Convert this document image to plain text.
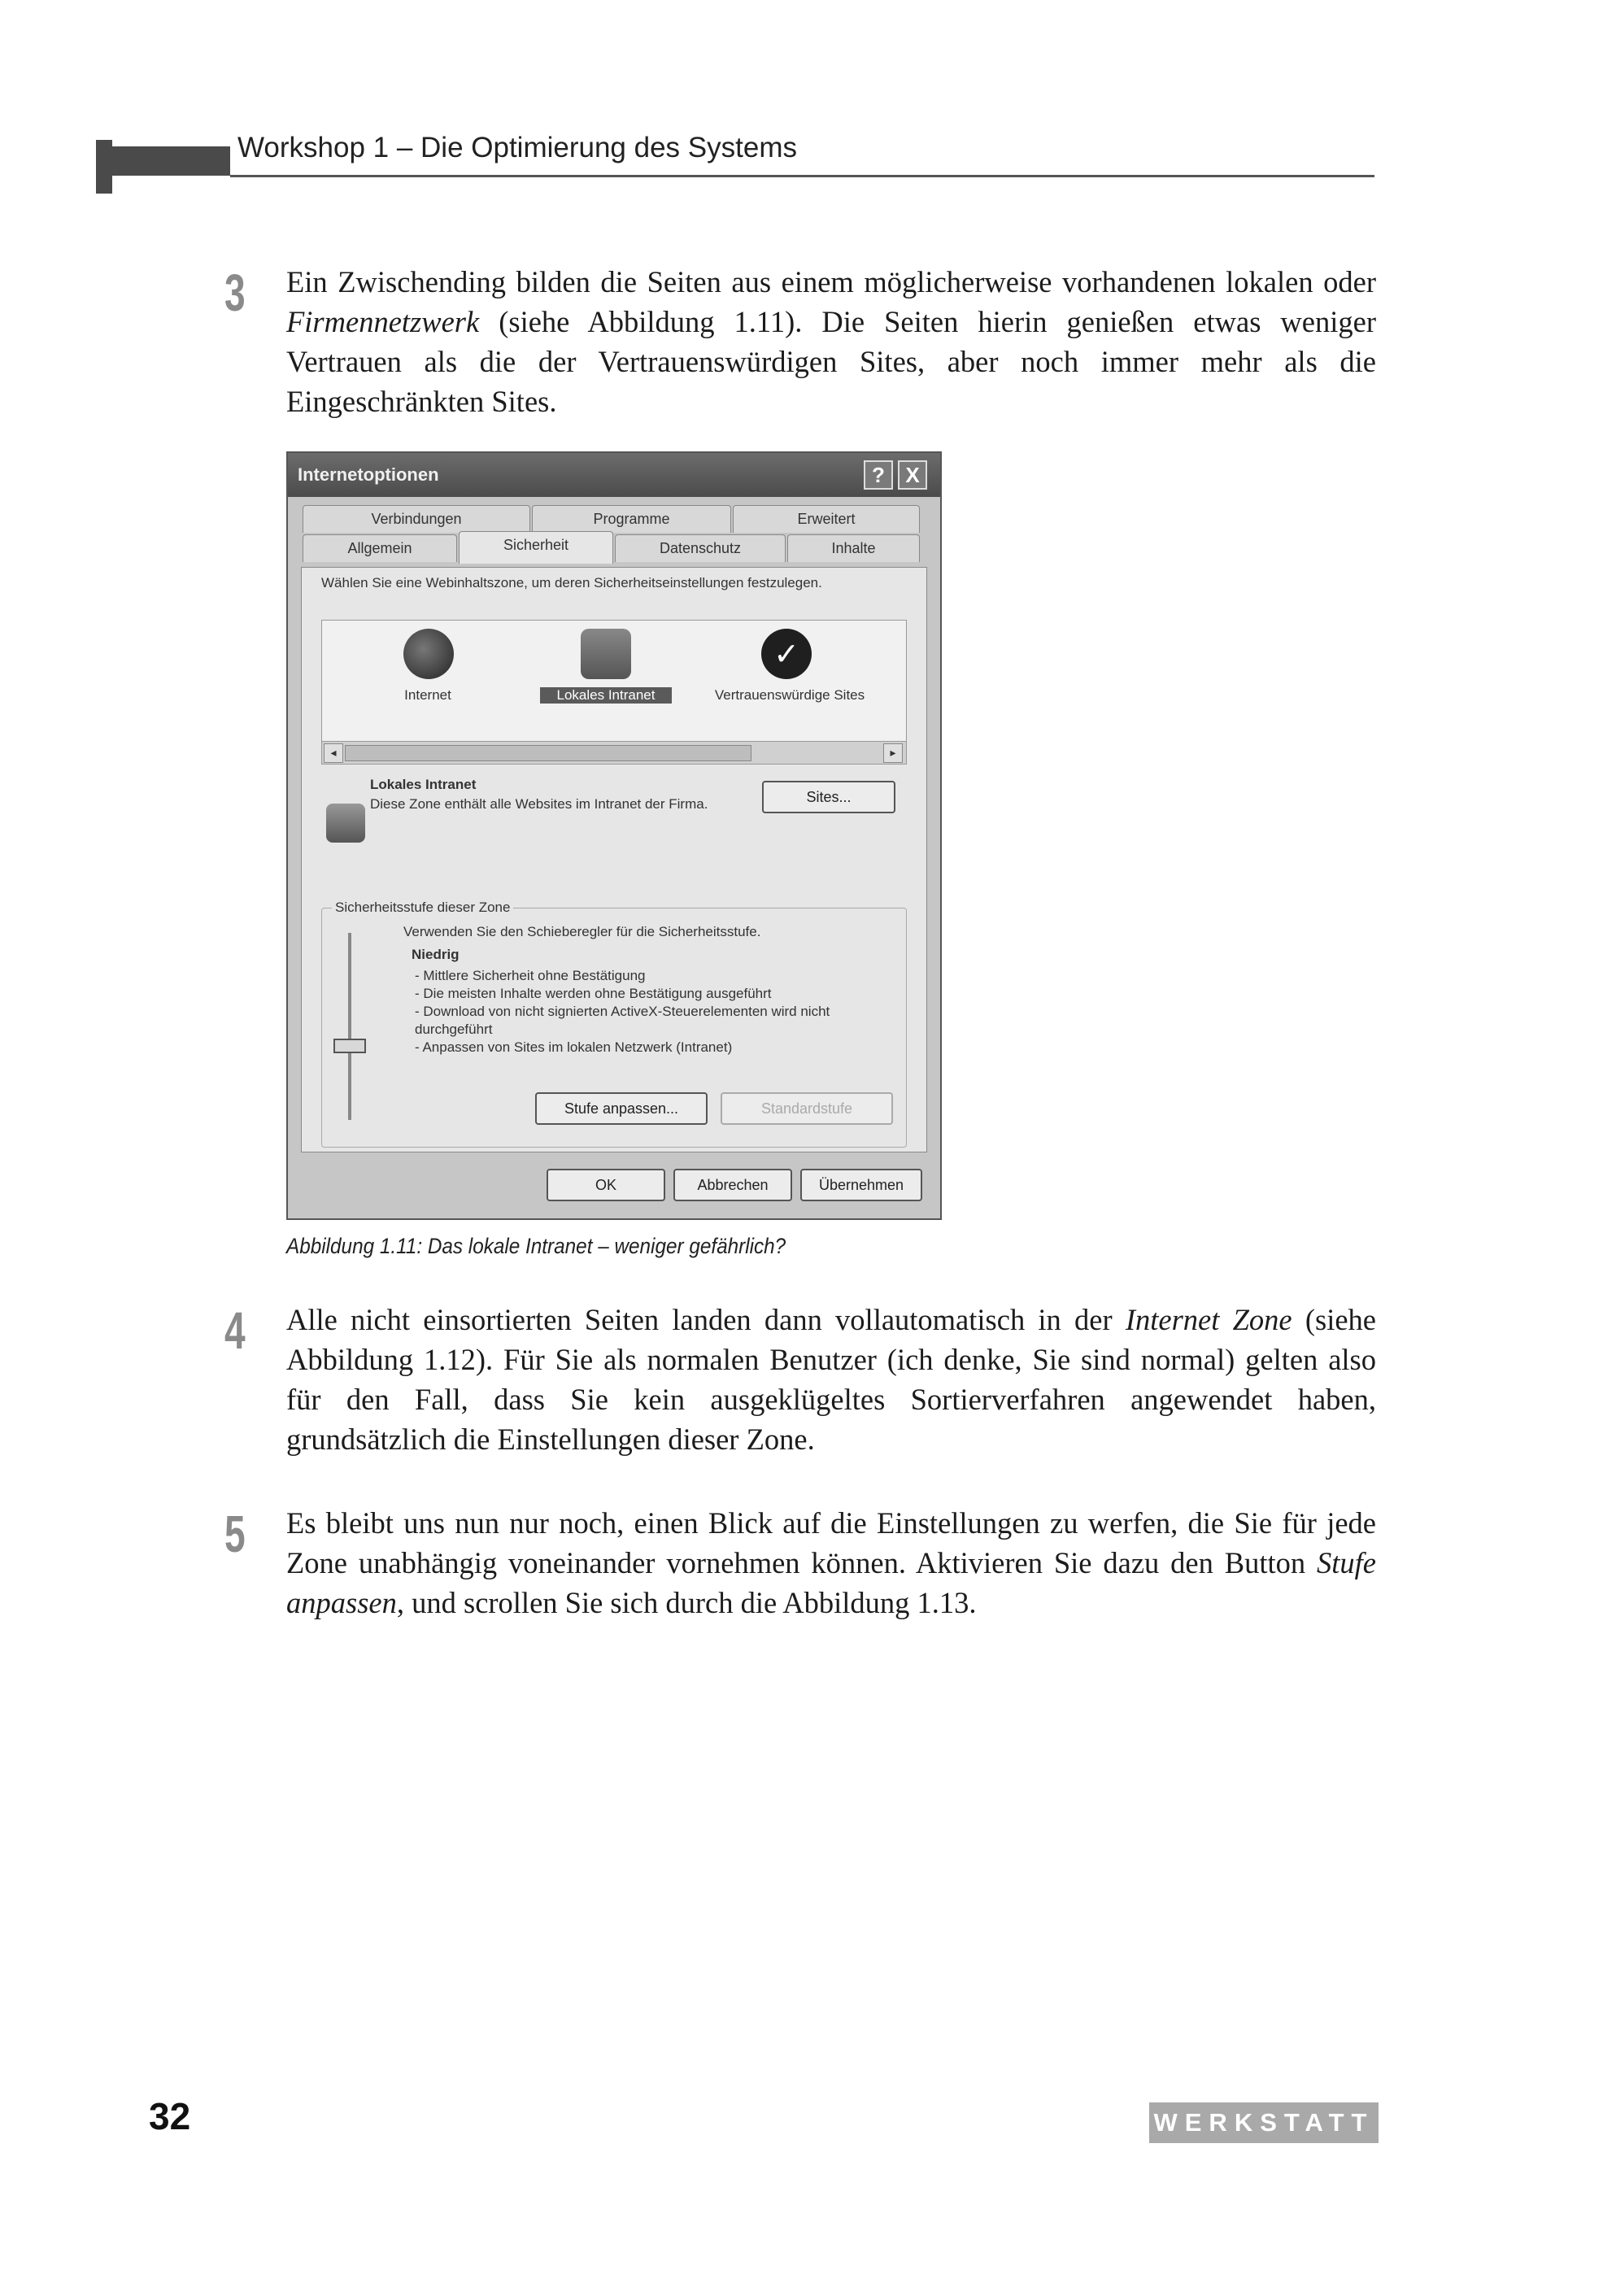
Workshop 1 – Die Optimierung des Systems
3 Ein Zwischending bilden die Seiten aus einem möglicherweise vorhandenen lokalen oder Firmennetzwerk (siehe Abbildung 1.11). Die Seiten hierin genießen etwas weniger Vertrauen als die der Vertrauenswürdigen Sites, aber noch immer mehr als die Eingeschränkten Sites.
Internetoptionen	? X
Verbindungen	Programme	Erweitert
Allgemein	Sicherheit	Datenschutz	Inhalte
Wählen Sie eine Webinhaltszone, um deren Sicherheitseinstellungen festzulegen.
Internet	Lokales Intranet
✓
Vertrauenswürdige Sites
◂	▸
Lokales Intranet
Diese Zone enthält alle Websites im Intranet der Firma.	Sites...
Sicherheitsstufe dieser Zone
Verwenden Sie den Schieberegler für die Sicherheitsstufe.
Niedrig
- Mittlere Sicherheit ohne Bestätigung
- Die meisten Inhalte werden ohne Bestätigung ausgeführt
- Download von nicht signierten ActiveX-Steuerelementen wird nicht durchgeführt
- Anpassen von Sites im lokalen Netzwerk (Intranet)
Stufe anpassen...	Standardstufe
OK	Abbrechen	Übernehmen
Abbildung 1.11: Das lokale Intranet – weniger gefährlich?
4 Alle nicht einsortierten Seiten landen dann vollautomatisch in der Internet Zone (siehe Abbildung 1.12). Für Sie als normalen Benutzer (ich denke, Sie sind normal) gelten also für den Fall, dass Sie kein ausgeklügeltes Sortierverfahren angewendet haben, grundsätzlich die Einstellungen dieser Zone.
5 Es bleibt uns nun nur noch, einen Blick auf die Einstellungen zu werfen, die Sie für jede Zone unabhängig voneinander vornehmen können. Aktivieren Sie dazu den Button Stufe anpassen, und scrollen Sie sich durch die Abbildung 1.13.
32	WERKSTATT
